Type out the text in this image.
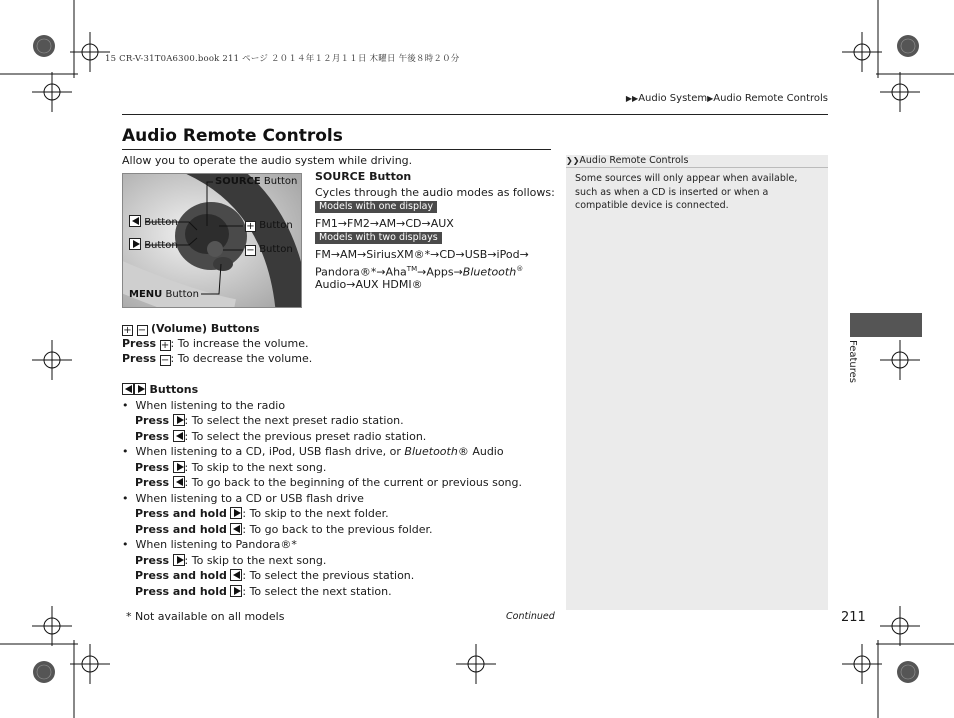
15 CR-V-31T0A6300.book 211 ページ ２０１４年１２月１１日 木曜日 午後８時２０分
▶▶Audio System▶Audio Remote Controls
Audio Remote Controls
Allow you to operate the audio system while driving.
SOURCE Button
Button
Button
+ Button
− Button
MENU Button
SOURCE Button
Cycles through the audio modes as follows:
Models with one display
FM1→FM2→AM→CD→AUX
Models with two displays
FM→AM→SiriusXM®*→CD→USB→iPod→
Pandora®*→Aha™→Apps→Bluetooth®
Audio→AUX HDMI®
+ − (Volume) Buttons
Press +: To increase the volume.
Press −: To decrease the volume.
Buttons
•  When listening to the radio
Press : To select the next preset radio station.
Press : To select the previous preset radio station.
•  When listening to a CD, iPod, USB flash drive, or Bluetooth® Audio
Press : To skip to the next song.
Press : To go back to the beginning of the current or previous song.
•  When listening to a CD or USB flash drive
Press and hold : To skip to the next folder.
Press and hold : To go back to the previous folder.
•  When listening to Pandora®*
Press : To skip to the next song.
Press and hold : To select the previous station.
Press and hold : To select the next station.
❯❯Audio Remote Controls
Some sources will only appear when available, such as when a CD is inserted or when a compatible device is connected.
Features
* Not available on all models	Continued	211
